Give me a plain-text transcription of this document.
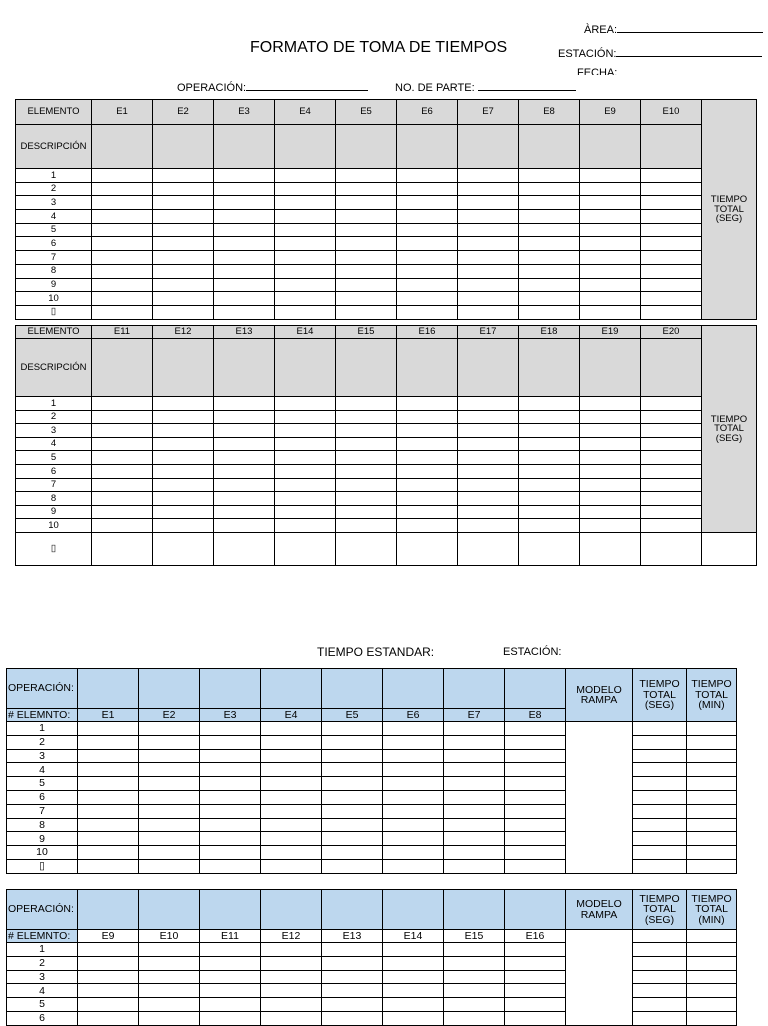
FORMATO DE TOMA DE TIEMPOS
ÀREA:
ESTACIÓN:
FECHA:
OPERACIÓN:	NO. DE PARTE:
ELEMENTO	E1	E2	E3	E4	E5	E6	E7	E8	E9	E10	TIEMPO TOTAL (SEG)
DESCRIPCIÓN											
1											
2											
3											
4											
5											
6											
7											
8											
9											
10											
▯											
ELEMENTO	E11	E12	E13	E14	E15	E16	E17	E18	E19	E20	TIEMPO TOTAL (SEG)
DESCRIPCIÓN											
1											
2											
3											
4											
5											
6											
7											
8											
9											
10											
▯											
TIEMPO ESTANDAR:	ESTACIÓN:
OPERACIÓN:									MODELO RAMPA	TIEMPO TOTAL (SEG)	TIEMPO TOTAL (MIN)
# ELEMNTO:	E1	E2	E3	E4	E5	E6	E7	E8			
1											
2											
3											
4											
5											
6											
7											
8											
9											
10											
▯											
OPERACIÓN:									MODELO RAMPA	TIEMPO TOTAL (SEG)	TIEMPO TOTAL (MIN)
# ELEMNTO:	E9	E10	E11	E12	E13	E14	E15	E16			
1											
2											
3											
4											
5											
6											
